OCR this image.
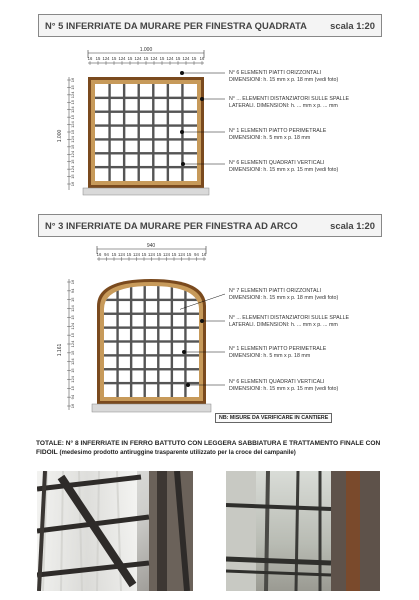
N° 5 INFERRIATE DA MURARE PER FINESTRA QUADRATA scala 1:20
1.000
16 15 124 15 124 15 124 15 124 15 124 15 124 15 16
16
15
124
15
124
15
124
15
124
15
124
15
124
15
16
1.000
N° 6 ELEMENTI PIATTI ORIZZONTALI
DIMENSIONI: h. 15 mm x p. 18 mm (vedi foto)
N° ... ELEMENTI DISTANZIATORI SULLE SPALLE
LATERALI. DIMENSIONI: h. ... mm x p. ... mm
N° 1 ELEMENTI PIATTO PERIMETRALE
DIMENSIONI: h. 5 mm x p. 18 mm
N° 6 ELEMENTI QUADRATI VERTICALI
DIMENSIONI: h. 15 mm x p. 15 mm (vedi foto)
N° 3 INFERRIATE DA MURARE PER FINESTRA AD ARCO	scala 1:20
940
16 94 15 124 15 124 15 124 15 124 15 124 15 94 16
16
94
15
124
15
124
15
124
15
124
15
124
15
94
16
1.161
N° 7 ELEMENTI PIATTI ORIZZONTALI
DIMENSIONI: h. 15 mm x p. 18 mm (vedi foto)
N° ... ELEMENTI DISTANZIATORI SULLE SPALLE
LATERALI. DIMENSIONI: h. ... mm x p. ... mm
N° 1 ELEMENTI PIATTO PERIMETRALE
DIMENSIONI: h. 5 mm x p. 18 mm
N° 6 ELEMENTI QUADRATI VERTICALI
DIMENSIONI: h. 15 mm x p. 15 mm (vedi foto)
NB: MISURE DA VERIFICARE IN CANTIERE
TOTALE: N° 8 INFERRIATE IN FERRO BATTUTO CON LEGGERA SABBIATURA E TRATTAMENTO FINALE CON FIDOIL (medesimo prodotto antiruggine trasparente utilizzato per la croce del campanile)
